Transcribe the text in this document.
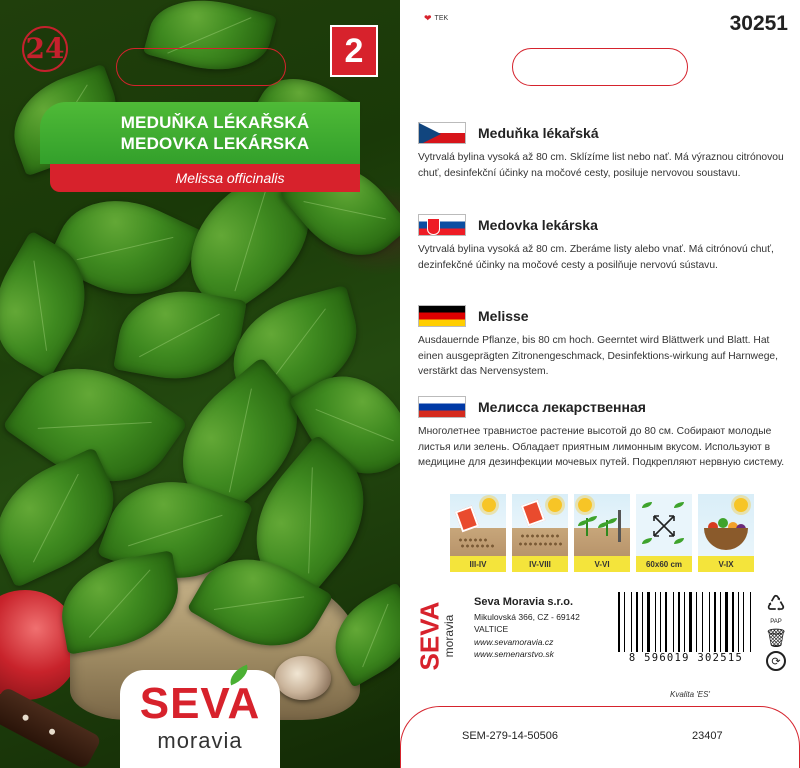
24	2
MEDUŇKA LÉKAŘSKÁ
MEDOVKA LEKÁRSKA
Melissa officinalis
SEVA
moravia
❤ TEK	30251
Meduňka lékařská
Vytrvalá bylina vysoká až 80 cm. Sklízíme list nebo nať. Má výraznou citrónovou chuť, desinfekční účinky na močové cesty, posiluje nervovou soustavu.
Medovka lekárska
Vytrvalá bylina vysoká až 80 cm. Zberáme listy alebo vnať. Má citrónovú chuť, dezinfekčné účinky na močové cesty a posilňuje nervovú sústavu.
Melisse
Ausdauernde Pflanze, bis 80 cm hoch. Geerntet wird Blättwerk und Blatt. Hat einen ausgeprägten Zitronengeschmack, Desinfektions-wirkung auf Harnwege, verstärkt das Nervensystem.
Мелисса лекарственная
Многолетнее травнистое растение высотой до 80 см. Собирают молодые листья или зелень. Обладает приятным лимонным вкусом. Используют в медицине для дезинфекции мочевых путей. Подкрепляют нервную систему.
III-IV	IV-VIII	V-VI	60x60 cm	V-IX
SEVA
moravia
Seva Moravia s.r.o.
Mikulovská 366, CZ - 69142
VALTICE
www.sevamoravia.cz
www.semenarstvo.sk	8 596019 302515
Kvalita 'ES'
♺
PAP
🗑
⟳
SEM-279-14-50506	23407
